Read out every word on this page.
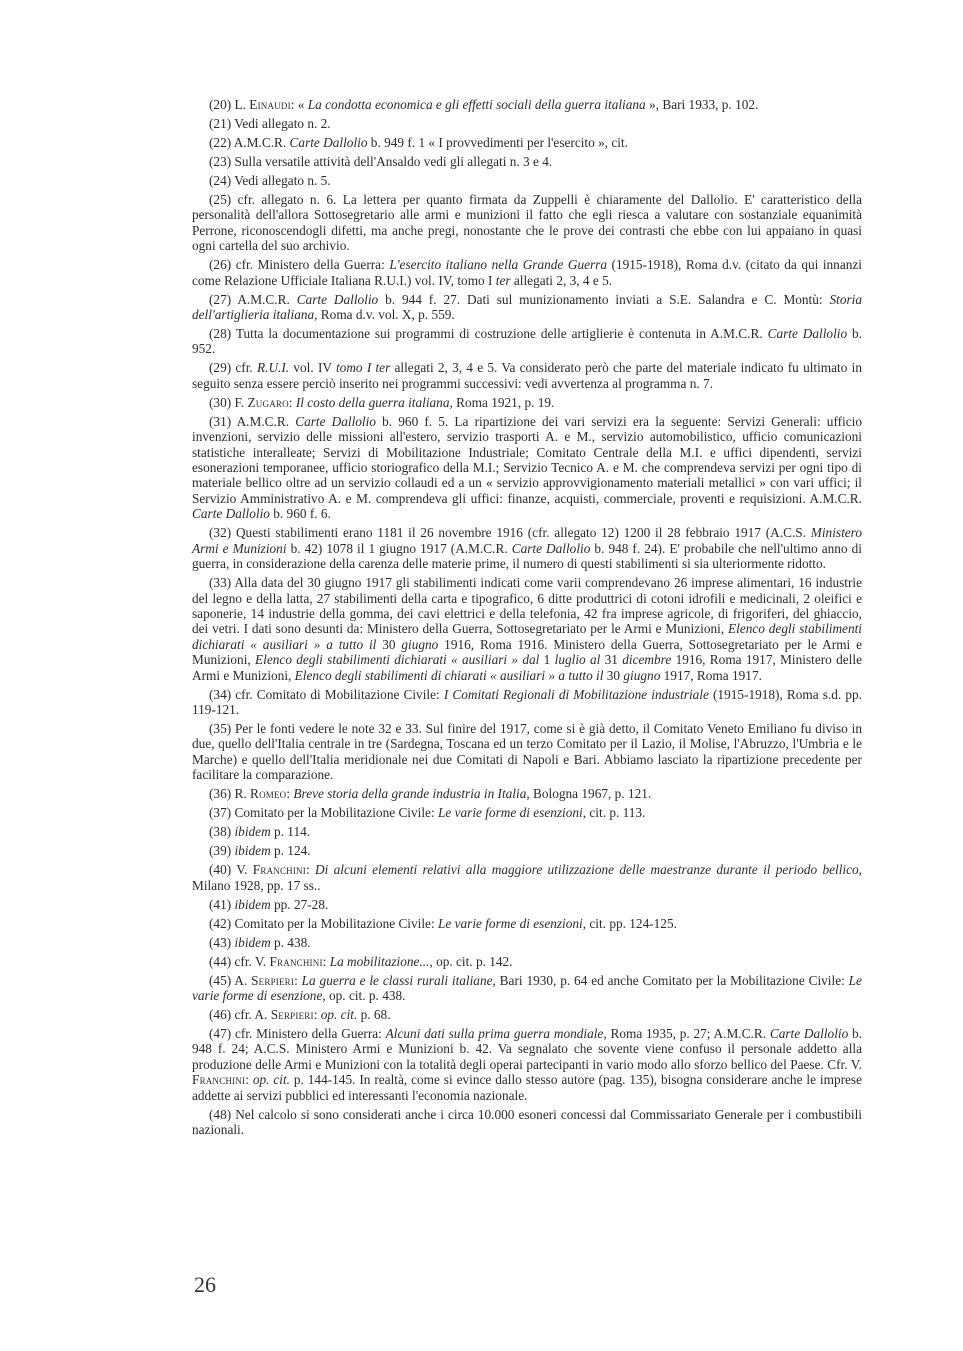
(20) L. Einaudi: « La condotta economica e gli effetti sociali della guerra italiana », Bari 1933, p. 102.

(21) Vedi allegato n. 2.

(22) A.M.C.R. Carte Dallolio b. 949 f. 1 « I provvedimenti per l'esercito », cit.

(23) Sulla versatile attività dell'Ansaldo vedi gli allegati n. 3 e 4.

(24) Vedi allegato n. 5.

(25) cfr. allegato n. 6. La lettera per quanto firmata da Zuppelli è chiaramente del Dallolio. E' caratteristico della personalità dell'allora Sottosegretario alle armi e munizioni il fatto che egli riesca a valutare con sostanziale equanimità Perrone, riconoscendogli difetti, ma anche pregi, nonostante che le prove dei contrasti che ebbe con lui appaiano in quasi ogni cartella del suo archivio.

(26) cfr. Ministero della Guerra: L'esercito italiano nella Grande Guerra (1915-1918), Roma d.v. (citato da qui innanzi come Relazione Ufficiale Italiana R.U.I.) vol. IV, tomo I ter allegati 2, 3, 4 e 5.

(27) A.M.C.R. Carte Dallolio b. 944 f. 27. Dati sul munizionamento inviati a S.E. Salandra e C. Montù: Storia dell'artiglieria italiana, Roma d.v. vol. X, p. 559.

(28) Tutta la documentazione sui programmi di costruzione delle artiglierie è contenuta in A.M.C.R. Carte Dallolio b. 952.

(29) cfr. R.U.I. vol. IV tomo I ter allegati 2, 3, 4 e 5. Va considerato però che parte del materiale indicato fu ultimato in seguito senza essere perciò inserito nei programmi successivi: vedi avvertenza al programma n. 7.

(30) F. Zugaro: Il costo della guerra italiana, Roma 1921, p. 19.

(31) A.M.C.R. Carte Dallolio b. 960 f. 5. La ripartizione dei vari servizi era la seguente: Servizi Generali: ufficio invenzioni, servizio delle missioni all'estero, servizio trasporti A. e M., servizio automobilistico, ufficio comunicazioni statistiche interalleate; Servizi di Mobilitazione Industriale; Comitato Centrale della M.I. e uffici dipendenti, servizi esonerazioni temporanee, ufficio storiografico della M.I.; Servizio Tecnico A. e M. che comprendeva servizi per ogni tipo di materiale bellico oltre ad un servizio collaudi ed a un « servizio approvvigionamento materiali metallici » con vari uffici; il Servizio Amministrativo A. e M. comprendeva gli uffici: finanze, acquisti, commerciale, proventi e requisizioni. A.M.C.R. Carte Dallolio b. 960 f. 6.

(32) Questi stabilimenti erano 1181 il 26 novembre 1916 (cfr. allegato 12) 1200 il 28 febbraio 1917 (A.C.S. Ministero Armi e Munizioni b. 42) 1078 il 1 giugno 1917 (A.M.C.R. Carte Dallolio b. 948 f. 24). E' probabile che nell'ultimo anno di guerra, in considerazione della carenza delle materie prime, il numero di questi stabilimenti si sia ulteriormente ridotto.

(33) Alla data del 30 giugno 1917 gli stabilimenti indicati come varii comprendevano 26 imprese alimentari, 16 industrie del legno e della latta, 27 stabilimenti della carta e tipografico, 6 ditte produttrici di cotoni idrofili e medicinali, 2 oleifici e saponerie, 14 industrie della gomma, dei cavi elettrici e della telefonia, 42 fra imprese agricole, di frigoriferi, del ghiaccio, dei vetri. I dati sono desunti da: Ministero della Guerra, Sottosegretariato per le Armi e Munizioni, Elenco degli stabilimenti dichiarati « ausiliari » a tutto il 30 giugno 1916, Roma 1916. Ministero della Guerra, Sottosegretariato per le Armi e Munizioni, Elenco degli stabilimenti dichiarati « ausiliari » dal 1 luglio al 31 dicembre 1916, Roma 1917, Ministero delle Armi e Munizioni, Elenco degli stabilimenti di chiarati « ausiliari » a tutto il 30 giugno 1917, Roma 1917.

(34) cfr. Comitato di Mobilitazione Civile: I Comitati Regionali di Mobilitazione industriale (1915-1918), Roma s.d. pp. 119-121.

(35) Per le fonti vedere le note 32 e 33. Sul finire del 1917, come si è già detto, il Comitato Veneto Emiliano fu diviso in due, quello dell'Italia centrale in tre (Sardegna, Toscana ed un terzo Comitato per il Lazio, il Molise, l'Abruzzo, l'Umbria e le Marche) e quello dell'Italia meridionale nei due Comitati di Napoli e Bari. Abbiamo lasciato la ripartizione precedente per facilitare la comparazione.

(36) R. Romeo: Breve storia della grande industria in Italia, Bologna 1967, p. 121.

(37) Comitato per la Mobilitazione Civile: Le varie forme di esenzioni, cit. p. 113.

(38) ibidem p. 114.

(39) ibidem p. 124.

(40) V. Franchini: Di alcuni elementi relativi alla maggiore utilizzazione delle maestranze durante il periodo bellico, Milano 1928, pp. 17 ss..

(41) ibidem pp. 27-28.

(42) Comitato per la Mobilitazione Civile: Le varie forme di esenzioni, cit. pp. 124-125.

(43) ibidem p. 438.

(44) cfr. V. Franchini: La mobilitazione..., op. cit. p. 142.

(45) A. Serpieri: La guerra e le classi rurali italiane, Bari 1930, p. 64 ed anche Comitato per la Mobilitazione Civile: Le varie forme di esenzione, op. cit. p. 438.

(46) cfr. A. Serpieri: op. cit. p. 68.

(47) cfr. Ministero della Guerra: Alcuni dati sulla prima guerra mondiale, Roma 1935, p. 27; A.M.C.R. Carte Dallolio b. 948 f. 24; A.C.S. Ministero Armi e Munizioni b. 42. Va segnalato che sovente viene confuso il personale addetto alla produzione delle Armi e Munizioni con la totalità degli operai partecipanti in vario modo allo sforzo bellico del Paese. Cfr. V. Franchini: op. cit. p. 144-145. In realtà, come si evince dallo stesso autore (pag. 135), bisogna considerare anche le imprese addette ai servizi pubblici ed interessanti l'economia nazionale.

(48) Nel calcolo si sono considerati anche i circa 10.000 esoneri concessi dal Commissariato Generale per i combustibili nazionali.

26
